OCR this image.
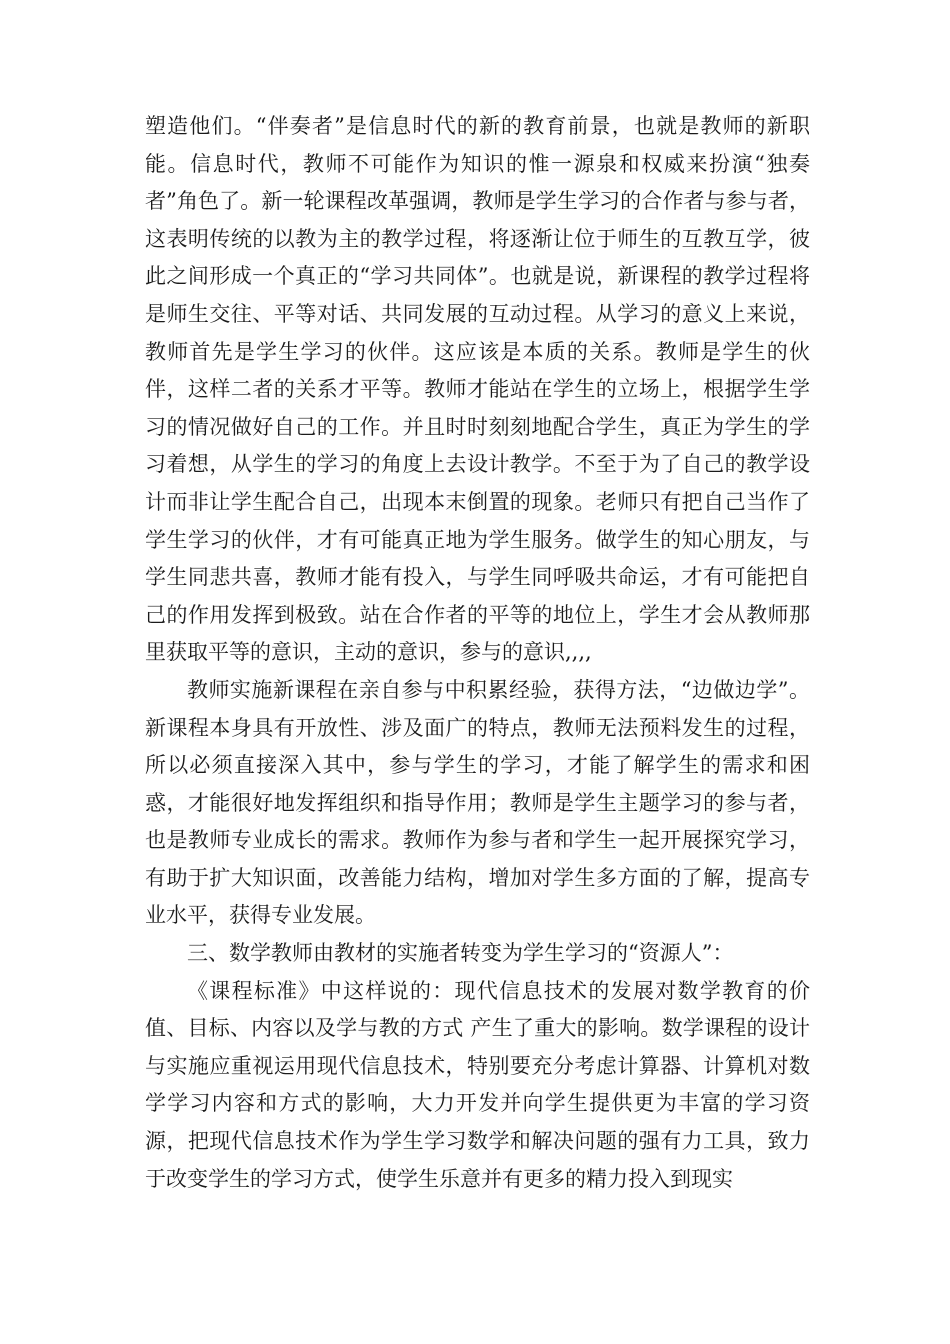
塑造他们。“伴奏者”是信息时代的新的教育前景，也就是教师的新职能。信息时代，教师不可能作为知识的惟一源泉和权威来扮演“独奏者”角色了。新一轮课程改革强调，教师是学生学习的合作者与参与者，这表明传统的以教为主的教学过程，将逐渐让位于师生的互教互学，彼此之间形成一个真正的“学习共同体”。也就是说，新课程的教学过程将是师生交往、平等对话、共同发展的互动过程。从学习的意义上来说，教师首先是学生学习的伙伴。这应该是本质的关系。教师是学生的伙伴，这样二者的关系才平等。教师才能站在学生的立场上，根据学生学习的情况做好自己的工作。并且时时刻刻地配合学生，真正为学生的学习着想，从学生的学习的角度上去设计教学。不至于为了自己的教学设计而非让学生配合自己，出现本末倒置的现象。老师只有把自己当作了学生学习的伙伴，才有可能真正地为学生服务。做学生的知心朋友，与学生同悲共喜，教师才能有投入，与学生同呼吸共命运，才有可能把自己的作用发挥到极致。站在合作者的平等的地位上，学生才会从教师那里获取平等的意识，主动的意识，参与的意识,,,,

教师实施新课程在亲自参与中积累经验，获得方法，“边做边学”。新课程本身具有开放性、涉及面广的特点，教师无法预料发生的过程，所以必须直接深入其中，参与学生的学习，才能了解学生的需求和困惑，才能很好地发挥组织和指导作用；教师是学生主题学习的参与者，也是教师专业成长的需求。教师作为参与者和学生一起开展探究学习，有助于扩大知识面，改善能力结构，增加对学生多方面的了解，提高专业水平，获得专业发展。

三、数学教师由教材的实施者转变为学生学习的“资源人”：

《课程标准》中这样说的：现代信息技术的发展对数学教育的价值、目标、内容以及学与教的方式 产生了重大的影响。数学课程的设计与实施应重视运用现代信息技术，特别要充分考虑计算器、计算机对数学学习内容和方式的影响，大力开发并向学生提供更为丰富的学习资源，把现代信息技术作为学生学习数学和解决问题的强有力工具，致力于改变学生的学习方式，使学生乐意并有更多的精力投入到现实
